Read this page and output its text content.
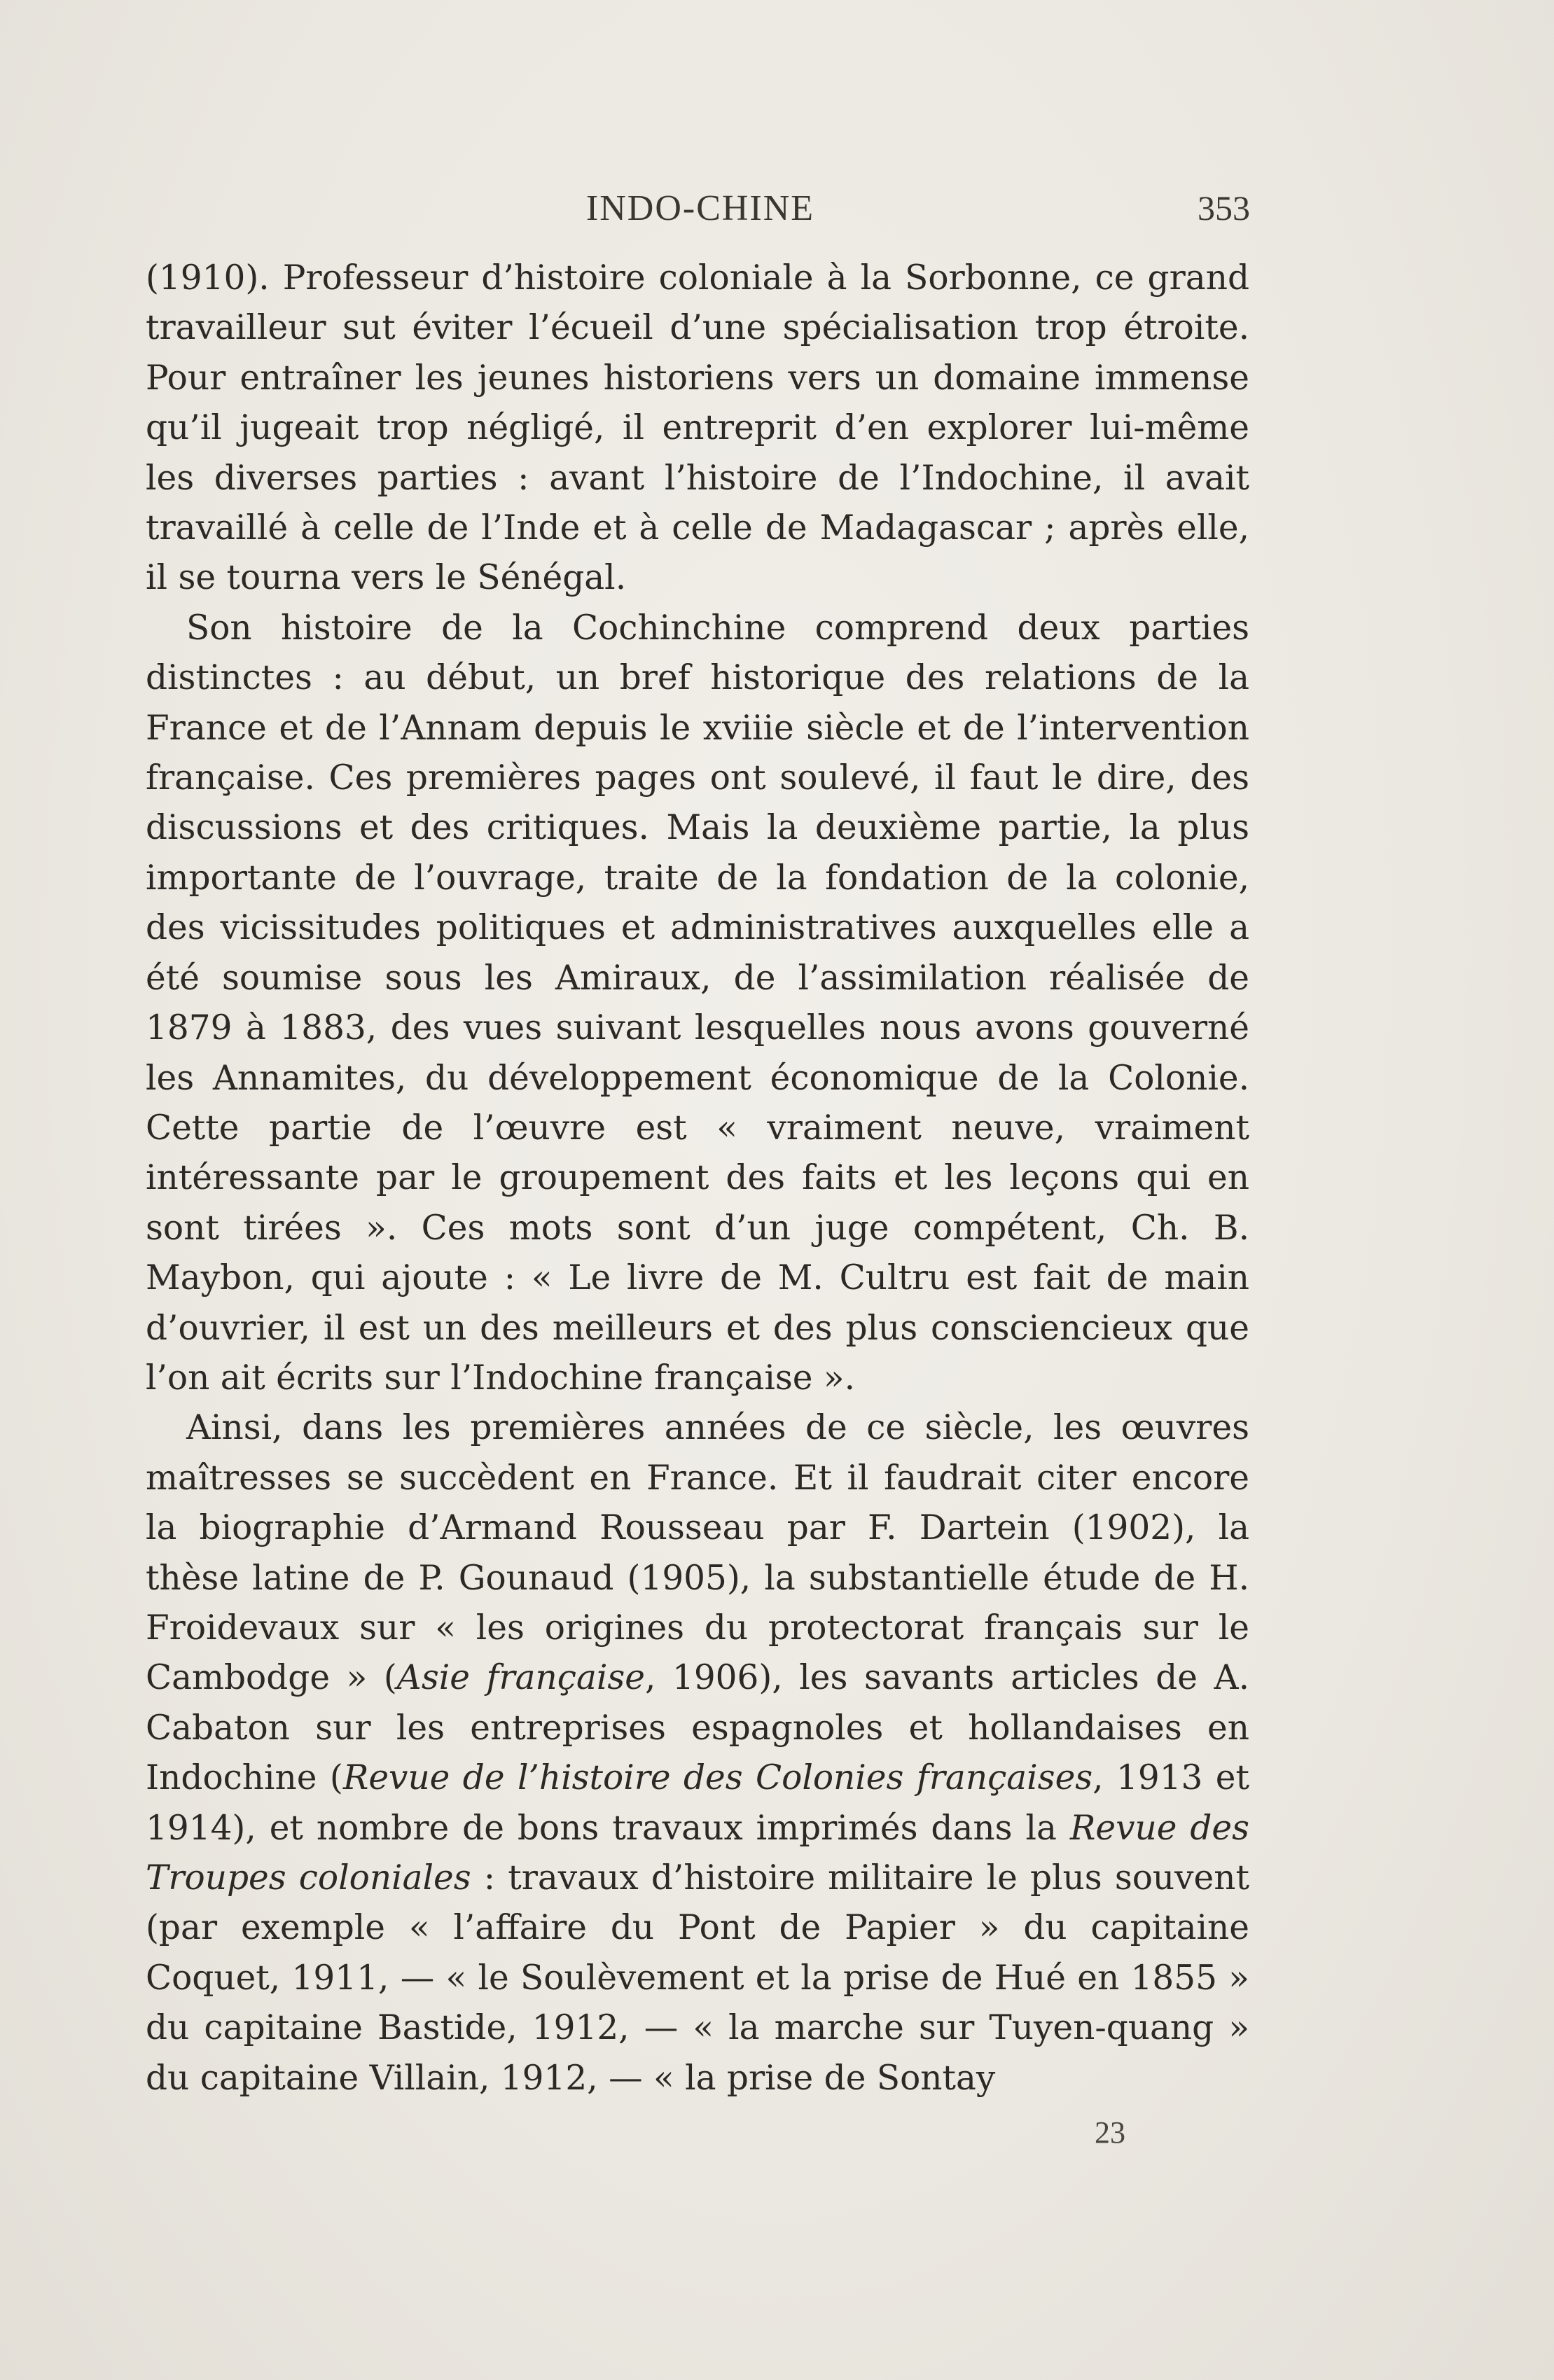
INDO-CHINE	353

(1910). Professeur d’histoire coloniale à la Sorbonne, ce grand travailleur sut éviter l’écueil d’une spécialisation trop étroite. Pour entraîner les jeunes historiens vers un domaine immense qu’il jugeait trop négligé, il entreprit d’en explorer lui-même les diverses parties : avant l’histoire de l’Indochine, il avait travaillé à celle de l’Inde et à celle de Madagascar ; après elle, il se tourna vers le Sénégal.

Son histoire de la Cochinchine comprend deux parties distinctes : au début, un bref historique des relations de la France et de l’Annam depuis le xviiie siècle et de l’intervention française. Ces premières pages ont soulevé, il faut le dire, des discussions et des critiques. Mais la deuxième partie, la plus importante de l’ouvrage, traite de la fondation de la colonie, des vicissitudes politiques et administratives auxquelles elle a été soumise sous les Amiraux, de l’assimilation réalisée de 1879 à 1883, des vues suivant lesquelles nous avons gouverné les Annamites, du développement économique de la Colonie. Cette partie de l’œuvre est « vraiment neuve, vraiment intéressante par le groupement des faits et les leçons qui en sont tirées ». Ces mots sont d’un juge compétent, Ch. B. Maybon, qui ajoute : « Le livre de M. Cultru est fait de main d’ouvrier, il est un des meilleurs et des plus consciencieux que l’on ait écrits sur l’Indochine française ».

Ainsi, dans les premières années de ce siècle, les œuvres maîtresses se succèdent en France. Et il faudrait citer encore la biographie d’Armand Rousseau par F. Dartein (1902), la thèse latine de P. Gounaud (1905), la substantielle étude de H. Froidevaux sur « les origines du protectorat français sur le Cambodge » (Asie française, 1906), les savants articles de A. Cabaton sur les entreprises espagnoles et hollandaises en Indochine (Revue de l’histoire des Colonies françaises, 1913 et 1914), et nombre de bons travaux imprimés dans la Revue des Troupes coloniales : travaux d’histoire militaire le plus souvent (par exemple « l’affaire du Pont de Papier » du capitaine Coquet, 1911, — « le Soulèvement et la prise de Hué en 1855 » du capitaine Bastide, 1912, — « la marche sur Tuyen-quang » du capitaine Villain, 1912, — « la prise de Sontay

23
